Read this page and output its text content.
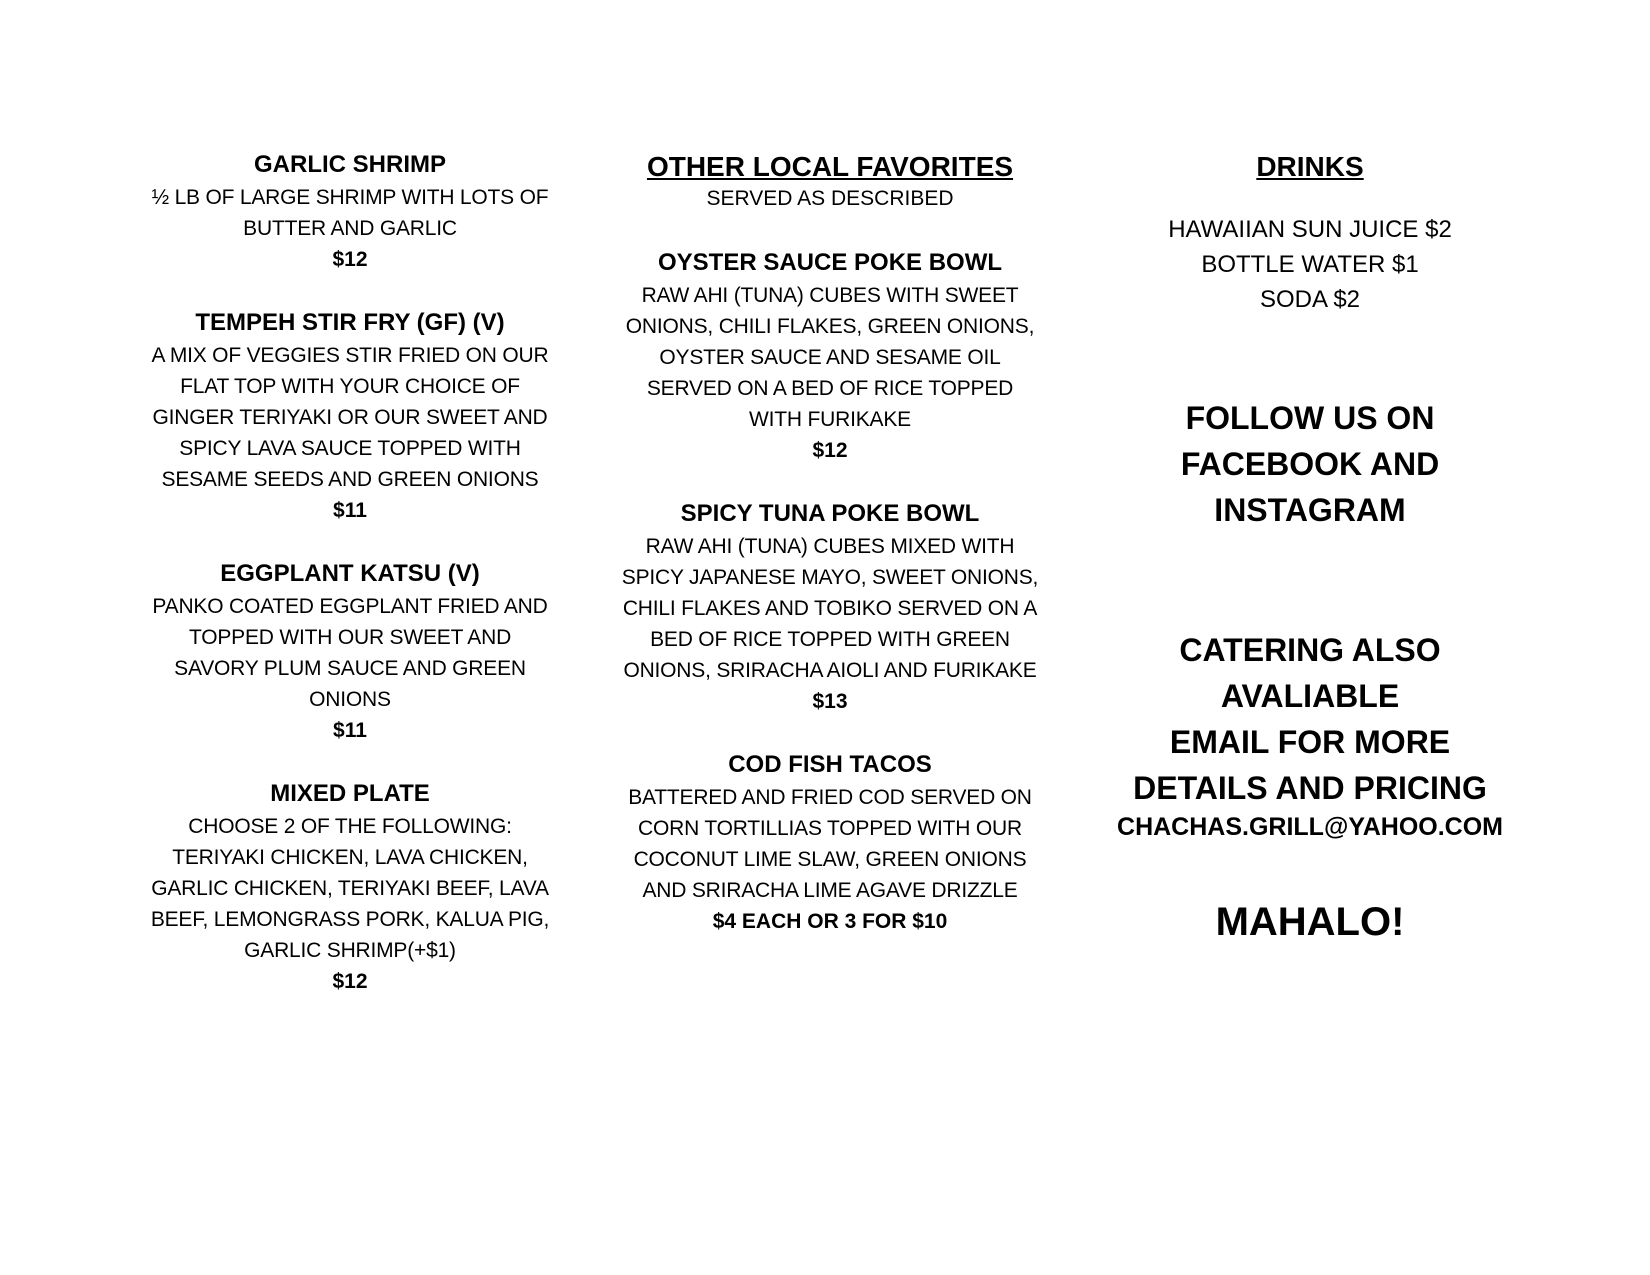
GARLIC SHRIMP
½ LB OF LARGE SHRIMP WITH LOTS OF BUTTER AND GARLIC
$12
TEMPEH STIR FRY (GF) (V)
A MIX OF VEGGIES STIR FRIED ON OUR FLAT TOP WITH YOUR CHOICE OF GINGER TERIYAKI OR OUR SWEET AND SPICY LAVA SAUCE TOPPED WITH SESAME SEEDS AND GREEN ONIONS
$11
EGGPLANT KATSU (V)
PANKO COATED EGGPLANT FRIED AND TOPPED WITH OUR SWEET AND SAVORY PLUM SAUCE AND GREEN ONIONS
$11
MIXED PLATE
CHOOSE 2 OF THE FOLLOWING: TERIYAKI CHICKEN, LAVA CHICKEN, GARLIC CHICKEN, TERIYAKI BEEF, LAVA BEEF, LEMONGRASS PORK, KALUA PIG, GARLIC SHRIMP(+$1)
$12
OTHER LOCAL FAVORITES
SERVED AS DESCRIBED
OYSTER SAUCE POKE BOWL
RAW AHI (TUNA) CUBES WITH SWEET ONIONS, CHILI FLAKES, GREEN ONIONS, OYSTER SAUCE AND SESAME OIL SERVED ON A BED OF RICE TOPPED WITH FURIKAKE
$12
SPICY TUNA POKE BOWL
RAW AHI (TUNA) CUBES MIXED WITH SPICY JAPANESE MAYO, SWEET ONIONS, CHILI FLAKES AND TOBIKO SERVED ON A BED OF RICE TOPPED WITH GREEN ONIONS, SRIRACHA AIOLI AND FURIKAKE
$13
COD FISH TACOS
BATTERED AND FRIED COD SERVED ON CORN TORTILLIAS TOPPED WITH OUR COCONUT LIME SLAW, GREEN ONIONS AND SRIRACHA LIME AGAVE DRIZZLE
$4 EACH OR 3 FOR $10
DRINKS
HAWAIIAN SUN JUICE $2
BOTTLE WATER $1
SODA $2
FOLLOW US ON
FACEBOOK AND
INSTAGRAM
CATERING ALSO
AVALIABLE
EMAIL FOR MORE
DETAILS AND PRICING
CHACHAS.GRILL@YAHOO.COM
MAHALO!
